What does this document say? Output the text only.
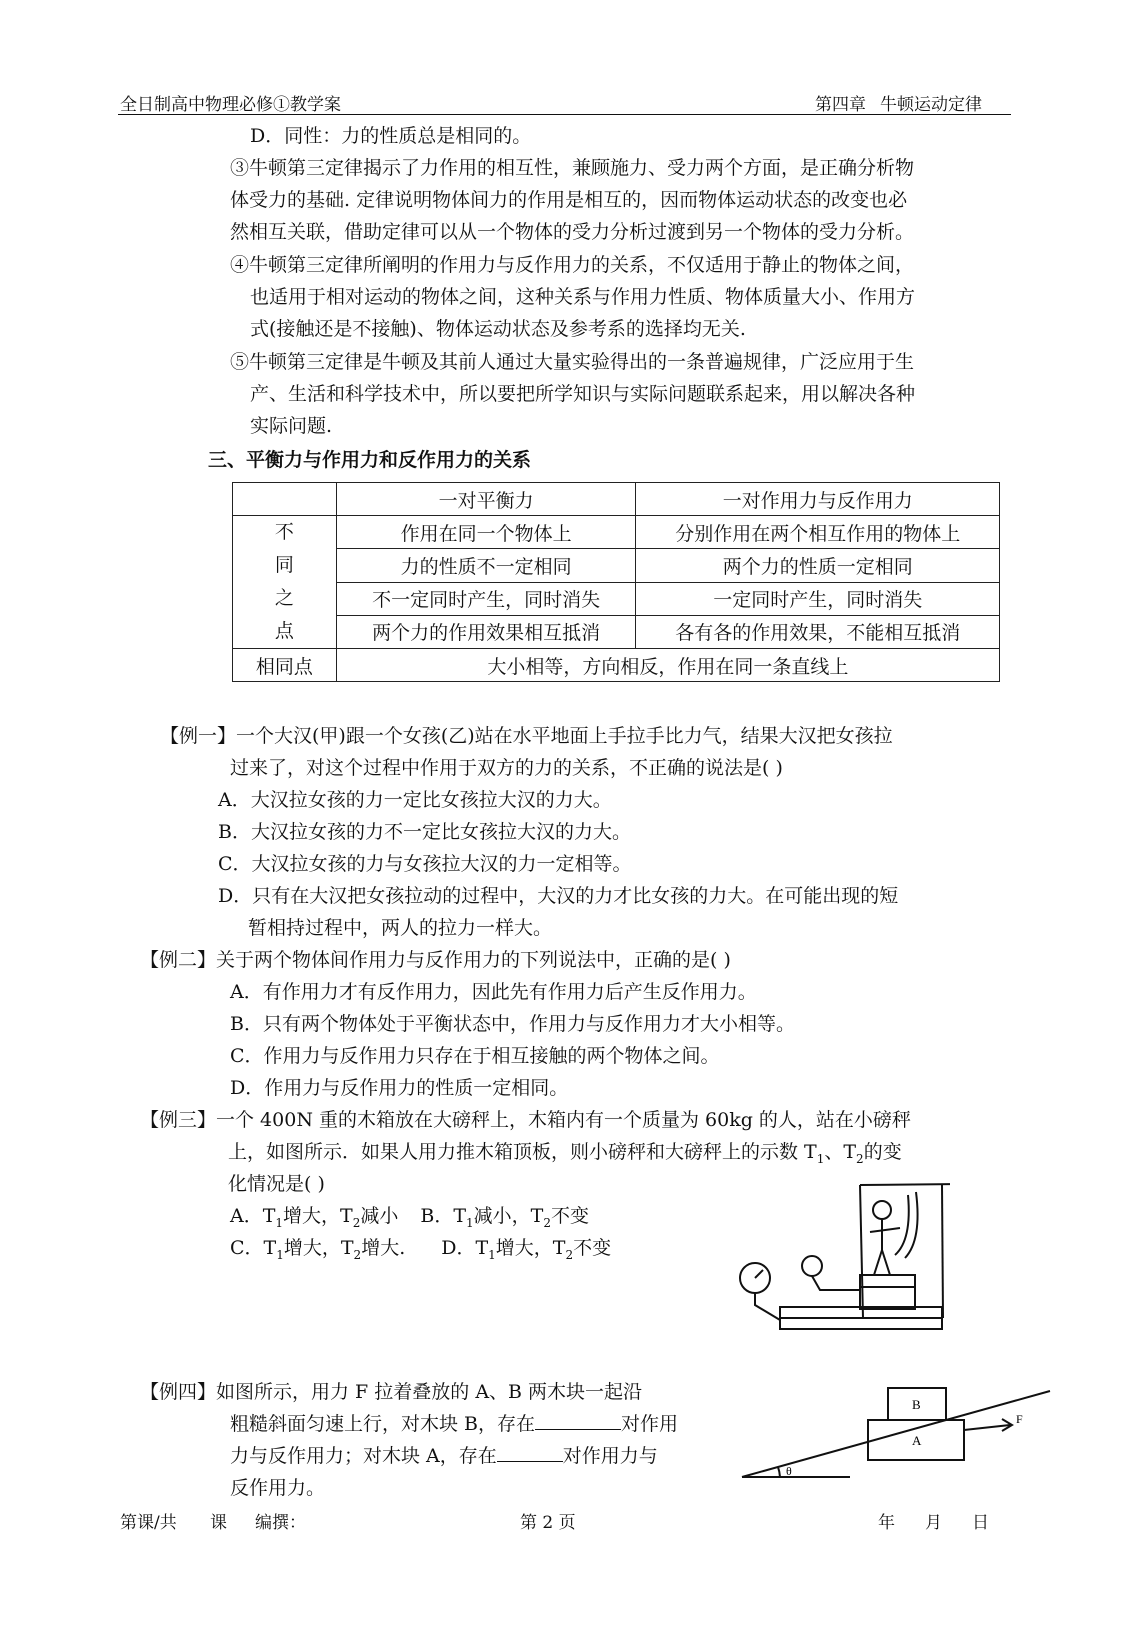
全日制高中物理必修①教学案	第四章 牛顿运动定律
D．同性：力的性质总是相同的。
③牛顿第三定律揭示了力作用的相互性，兼顾施力、受力两个方面，是正确分析物
体受力的基础. 定律说明物体间力的作用是相互的，因而物体运动状态的改变也必
然相互关联，借助定律可以从一个物体的受力分析过渡到另一个物体的受力分析。
④牛顿第三定律所阐明的作用力与反作用力的关系，不仅适用于静止的物体之间，
也适用于相对运动的物体之间，这种关系与作用力性质、物体质量大小、作用方
式(接触还是不接触)、物体运动状态及参考系的选择均无关.
⑤牛顿第三定律是牛顿及其前人通过大量实验得出的一条普遍规律，广泛应用于生
产、生活和科学技术中，所以要把所学知识与实际问题联系起来，用以解决各种
实际问题.
三、平衡力与作用力和反作用力的关系
	一对平衡力	一对作用力与反作用力

不
同
之
点	作用在同一个物体上	分别作用在两个相互作用的物体上
	力的性质不一定相同	两个力的性质一定相同
	不一定同时产生，同时消失	一定同时产生，同时消失
	两个力的作用效果相互抵消	各有各的作用效果，不能相互抵消
相同点	大小相等，方向相反，作用在同一条直线上	
【例一】一个大汉(甲)跟一个女孩(乙)站在水平地面上手拉手比力气，结果大汉把女孩拉
过来了，对这个过程中作用于双方的力的关系，不正确的说法是( )
A．大汉拉女孩的力一定比女孩拉大汉的力大。
B．大汉拉女孩的力不一定比女孩拉大汉的力大。
C．大汉拉女孩的力与女孩拉大汉的力一定相等。
D．只有在大汉把女孩拉动的过程中，大汉的力才比女孩的力大。在可能出现的短
暂相持过程中，两人的拉力一样大。
【例二】关于两个物体间作用力与反作用力的下列说法中，正确的是( )
A．有作用力才有反作用力，因此先有作用力后产生反作用力。
B．只有两个物体处于平衡状态中，作用力与反作用力才大小相等。
C．作用力与反作用力只存在于相互接触的两个物体之间。
D．作用力与反作用力的性质一定相同。
【例三】一个 400N 重的木箱放在大磅秤上，木箱内有一个质量为 60kg 的人，站在小磅秤
上，如图所示．如果人用力推木箱顶板，则小磅秤和大磅秤上的示数 $T_1$、$T_2$的变
化情况是( )
A．$T_1$增大，$T_2$减小 B．$T_1$减小，$T_2$不变
C．$T_1$增大，$T_2$增大. D．$T_1$增大，$T_2$不变
【例四】如图所示，用力 F 拉着叠放的 A、B 两木块一起沿
粗糙斜面匀速上行，对木块 B，存在	对作用
力与反作用力；对木块 A，存在	对作用力与
反作用力。
B
A
F
θ
第课/共 课 编撰：	第 2 页	年 月 日
